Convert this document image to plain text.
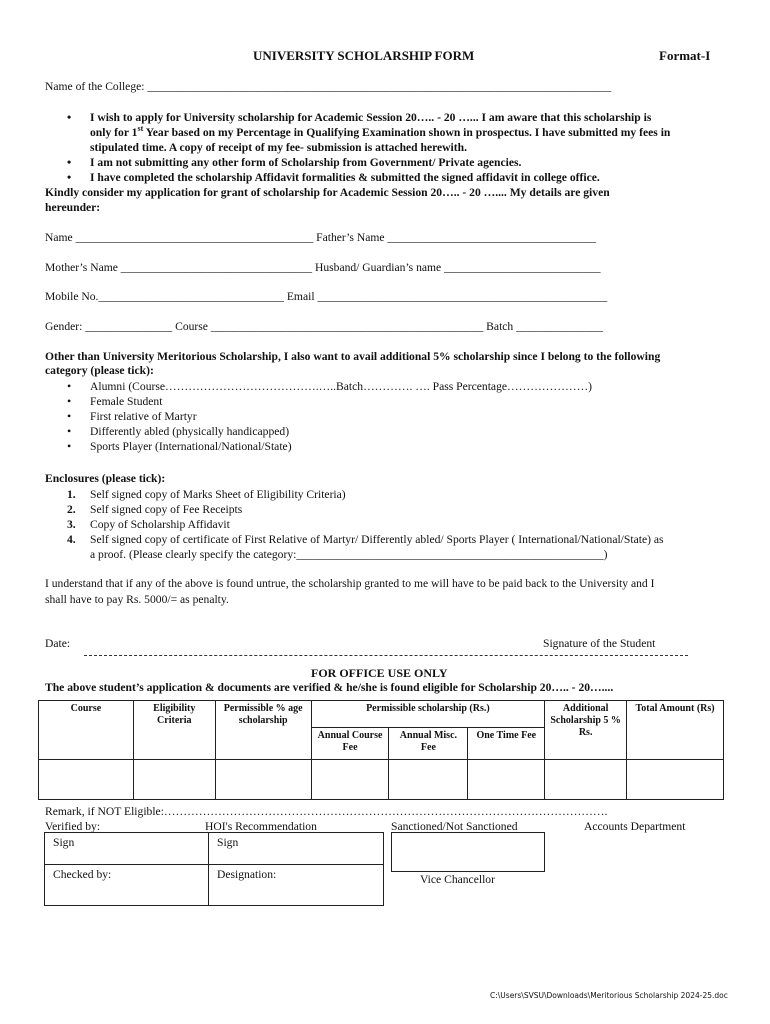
UNIVERSITY SCHOLARSHIP FORM	Format-I
Name of the College: ________________________________________________________________________________
• I wish to apply for University scholarship for Academic Session 20….. - 20 …... I am aware that this scholarship is
only for 1st Year based on my Percentage in Qualifying Examination shown in prospectus. I have submitted my fees in
stipulated time. A copy of receipt of my fee- submission is attached herewith.
• I am not submitting any other form of Scholarship from Government/ Private agencies.
• I have completed the scholarship Affidavit formalities & submitted the signed affidavit in college office.
Kindly consider my application for grant of scholarship for Academic Session 20….. - 20 ….... My details are given
hereunder:
Name _________________________________________ Father’s Name ____________________________________
Mother’s Name _________________________________ Husband/ Guardian’s name ___________________________
Mobile No.________________________________ Email __________________________________________________
Gender: _______________ Course _______________________________________________ Batch _______________
Other than University Meritorious Scholarship, I also want to avail additional 5% scholarship since I belong to the following
category (please tick):
• Alumni (Course………………………………….…..Batch…………. …. Pass Percentage…………………)
• Female Student
• First relative of Martyr
• Differently abled (physically handicapped)
• Sports Player (International/National/State)
Enclosures (please tick):
1. Self signed copy of Marks Sheet of Eligibility Criteria)
2. Self signed copy of Fee Receipts
3. Copy of Scholarship Affidavit
4. Self signed copy of certificate of First Relative of Martyr/ Differently abled/ Sports Player ( International/National/State) as
a proof. (Please clearly specify the category:_____________________________________________________)
I understand that if any of the above is found untrue, the scholarship granted to me will have to be paid back to the University and I
shall have to pay Rs. 5000/= as penalty.
Date:	Signature of the Student
FOR OFFICE USE ONLY
The above student’s application & documents are verified & he/she is found eligible for Scholarship 20….. - 20…....
Course	Eligibility Criteria	Permissible % age scholarship	Permissible scholarship (Rs.)			Additional Scholarship 5 % Rs.	Total Amount (Rs)
			Annual Course Fee	Annual Misc. Fee	One Time Fee		

Remark, if NOT Eligible:…………………………………………………………………………………………………….
Verified by:	HOI's Recommendation	Sanctioned/Not Sanctioned	Accounts Department
Sign	Sign
Checked by:	Designation:	Vice Chancellor
C:\Users\SVSU\Downloads\Meritorious Scholarship 2024-25.doc
